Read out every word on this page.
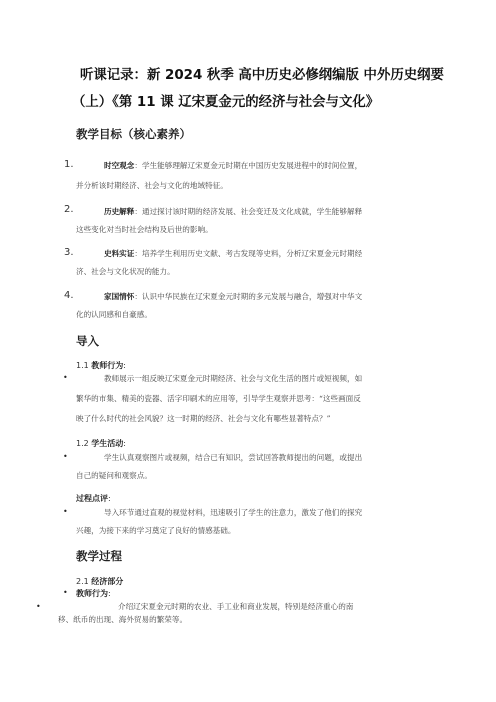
听课记录：新 2024 秋季 高中历史必修纲编版 中外历史纲要
（上）《第 11 课 辽宋夏金元的经济与社会与文化》
教学目标（核心素养）
1.	时空观念：学生能够理解辽宋夏金元时期在中国历史发展进程中的时间位置，
并分析该时期经济、社会与文化的地域特征。
2.	历史解释：通过探讨该时期的经济发展、社会变迁及文化成就，学生能够解释
这些变化对当时社会结构及后世的影响。
3.	史料实证：培养学生利用历史文献、考古发现等史料，分析辽宋夏金元时期经
济、社会与文化状况的能力。
4.	家国情怀：认识中华民族在辽宋夏金元时期的多元发展与融合，增强对中华文
化的认同感和自豪感。
导入
1.1 教师行为:
•	教师展示一组反映辽宋夏金元时期经济、社会与文化生活的图片或短视频，如
繁华的市集、精美的瓷器、活字印刷术的应用等，引导学生观察并思考：“这些画面反
映了什么时代的社会风貌？这一时期的经济、社会与文化有哪些显著特点？”
1.2 学生活动:
•	学生认真观察图片或视频，结合已有知识，尝试回答教师提出的问题，或提出
自己的疑问和观察点。
过程点评:
•	导入环节通过直观的视觉材料，迅速吸引了学生的注意力，激发了他们的探究
兴趣，为接下来的学习奠定了良好的情感基础。
教学过程
2.1 经济部分
• 教师行为:
•	介绍辽宋夏金元时期的农业、手工业和商业发展，特别是经济重心的南
移、纸币的出现、海外贸易的繁荣等。
